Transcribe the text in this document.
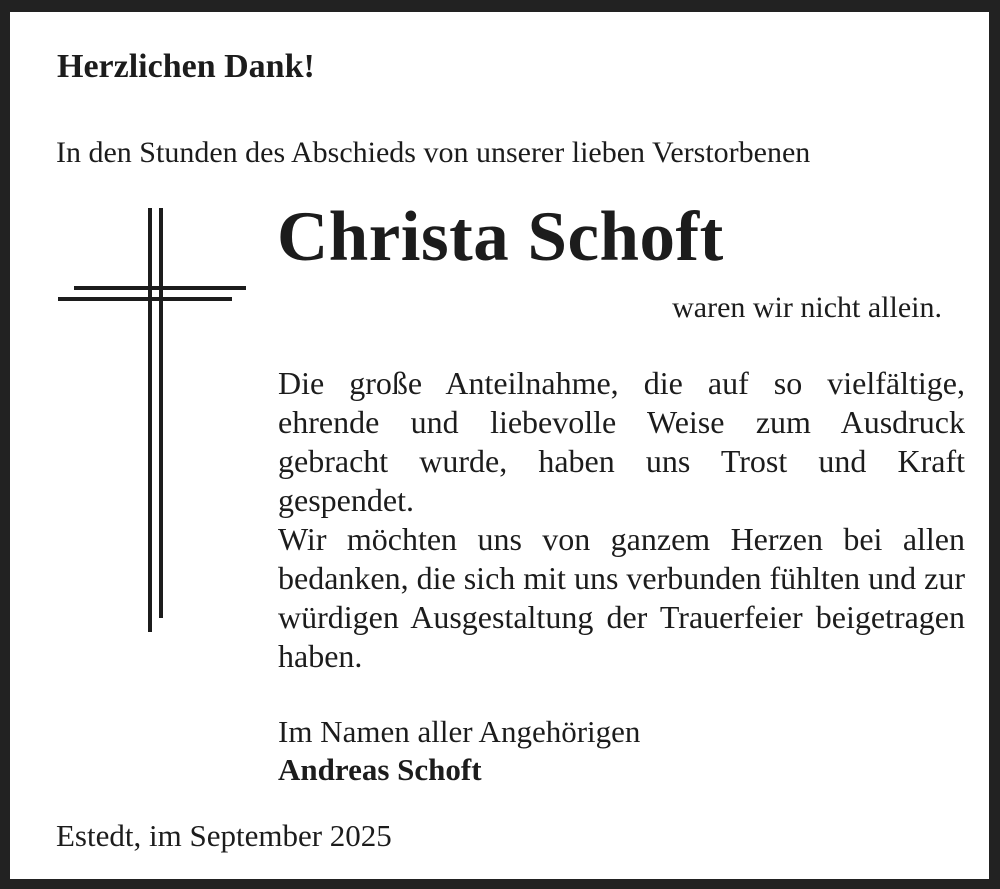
Herzlichen Dank!
In den Stunden des Abschieds von unserer lieben Verstorbenen
Christa Schoft
waren wir nicht allein.

Die große Anteilnahme, die auf so vielfältige, ehrende und liebevolle Weise zum Ausdruck gebracht wurde, haben uns Trost und Kraft gespendet.

Wir möchten uns von ganzem Herzen bei allen bedanken, die sich mit uns verbunden fühlten und zur würdigen Ausgestaltung der Trauerfeier beigetragen haben.

Im Namen aller Angehörigen
Andreas Schoft
Estedt, im September 2025
